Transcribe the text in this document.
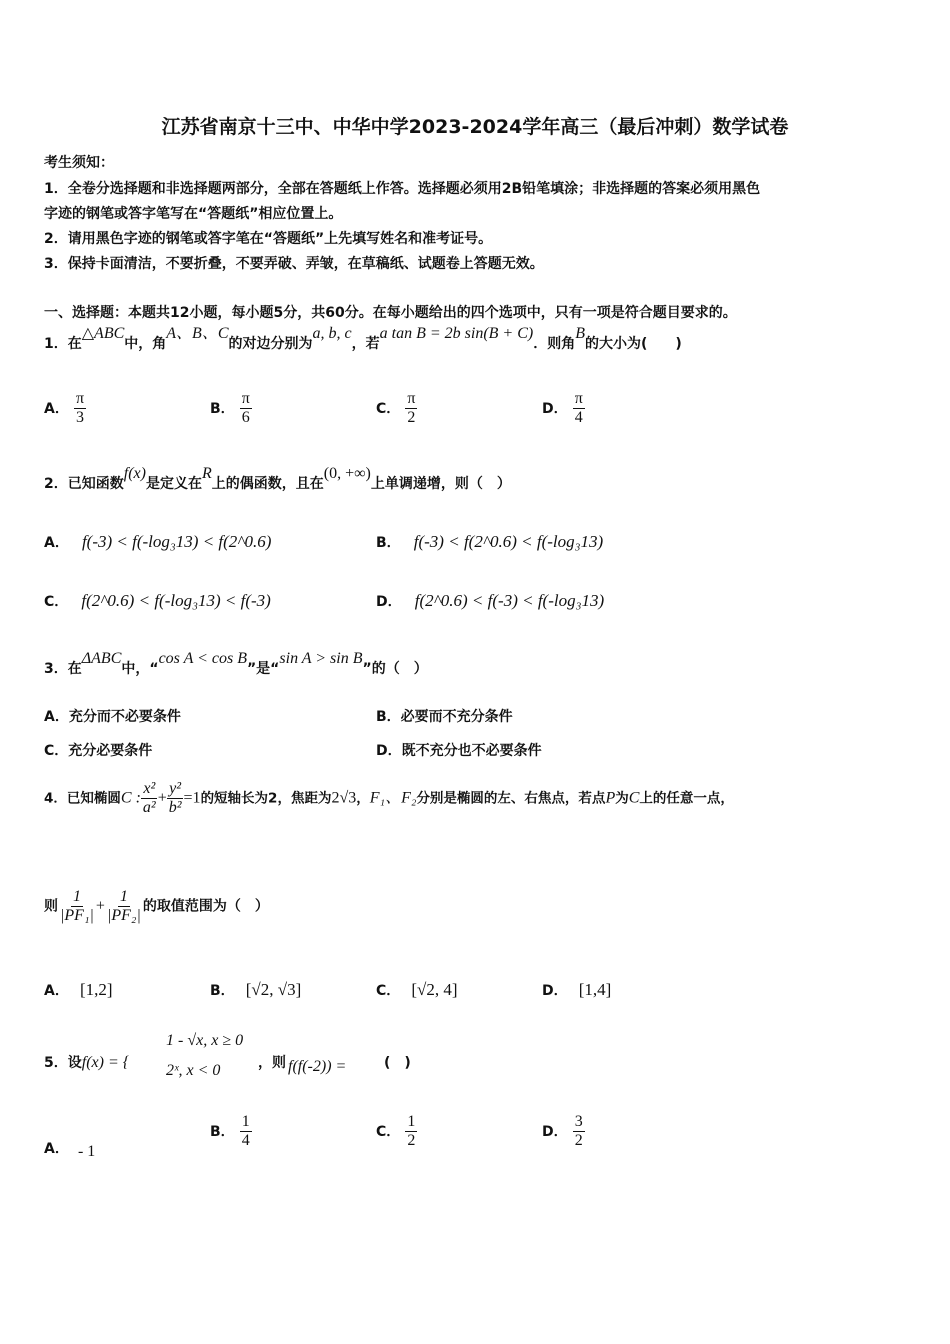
江苏省南京十三中、中华中学2023-2024学年高三（最后冲刺）数学试卷
考生须知：
1．全卷分选择题和非选择题两部分，全部在答题纸上作答。选择题必须用2B铅笔填涂；非选择题的答案必须用黑色
字迹的钢笔或答字笔写在“答题纸”相应位置上。
2．请用黑色字迹的钢笔或答字笔在“答题纸”上先填写姓名和准考证号。
3．保持卡面清洁，不要折叠，不要弄破、弄皱，在草稿纸、试题卷上答题无效。
一、选择题：本题共12小题，每小题5分，共60分。在每小题给出的四个选项中，只有一项是符合题目要求的。
1．在△ABC中，角A、B、C的对边分别为a, b, c，若a tan B = 2b sin(B + C)．则角B的大小为(　　)
A． $\frac{\pi}{3}$	B． $\frac{\pi}{6}$	C． $\frac{\pi}{2}$	D． $\frac{\pi}{4}$
2．已知函数f(x)是定义在R上的偶函数，且在(0, +∞)上单调递增，则（　）
A． f(-3) < f(-log₃13) < f(2^0.6)	B． f(-3) < f(2^0.6) < f(-log₃13)
C． f(2^0.6) < f(-log₃13) < f(-3)	D． f(2^0.6) < f(-3) < f(-log₃13)
3．在ΔABC中，“cos A < cos B”是“sin A > sin B”的（　）
A．充分而不必要条件	B．必要而不充分条件
C．充分必要条件	D．既不充分也不必要条件
4．已知椭圆C : $\frac{\text{x²}}{\text{a²}} + \frac{\text{y²}}{\text{b²}} =1$的短轴长为2，焦距为2√3，F₁、F₂分别是椭圆的左、右焦点，若点P为C上的任意一点，
则 $\frac{1}{\text{|PF₁|}} + \frac{1}{\text{|PF₂|}}$ 的取值范围为（　）
A． [1,2]	B． [√2, √3]	C． [√2, 4]	D． [1,4]
5．设f(x) = {
1 - √x, x ≥ 0
2ˣ, x < 0	，则 f(f(-2)) =	(　)
A． - 1
B． $\frac{1}{4}$	C． $\frac{1}{2}$	D． $\frac{3}{2}$
